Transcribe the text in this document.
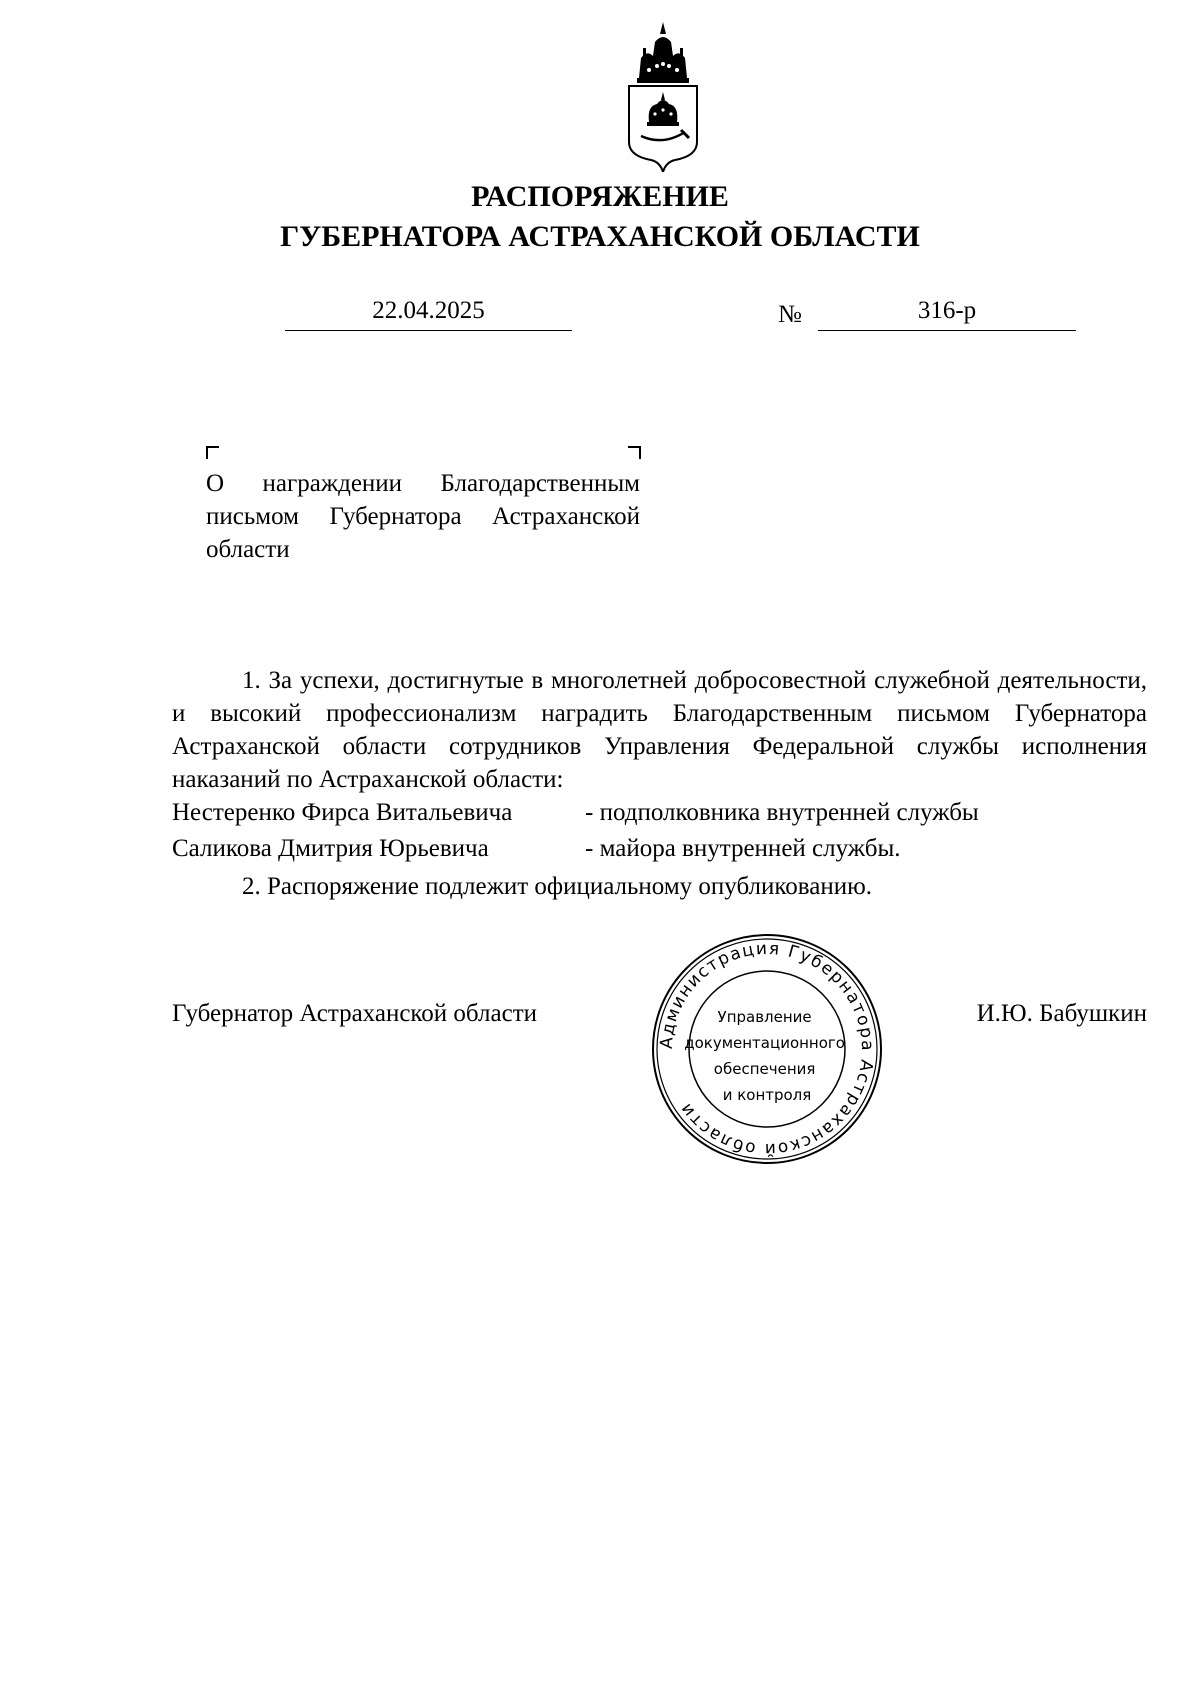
РАСПОРЯЖЕНИЕ
ГУБЕРНАТОРА АСТРАХАНСКОЙ ОБЛАСТИ
22.04.2025	№	316-р
О награждении Благодарственным письмом Губернатора Астраханской области
1. За успехи, достигнутые в многолетней добросовестной служебной деятельности, и высокий профессионализм наградить Благодарственным письмом Губернатора Астраханской области сотрудников Управления Федеральной службы исполнения наказаний по Астраханской области:
Нестеренко Фирса Витальевича	- подполковника внутренней службы
Саликова Дмитрия Юрьевича	- майора внутренней службы.
2. Распоряжение подлежит официальному опубликованию.
Губернатор Астраханской области	И.Ю. Бабушкин
Администрация Губернатора Астраханской области
Управление документационного обеспечения и контроля
